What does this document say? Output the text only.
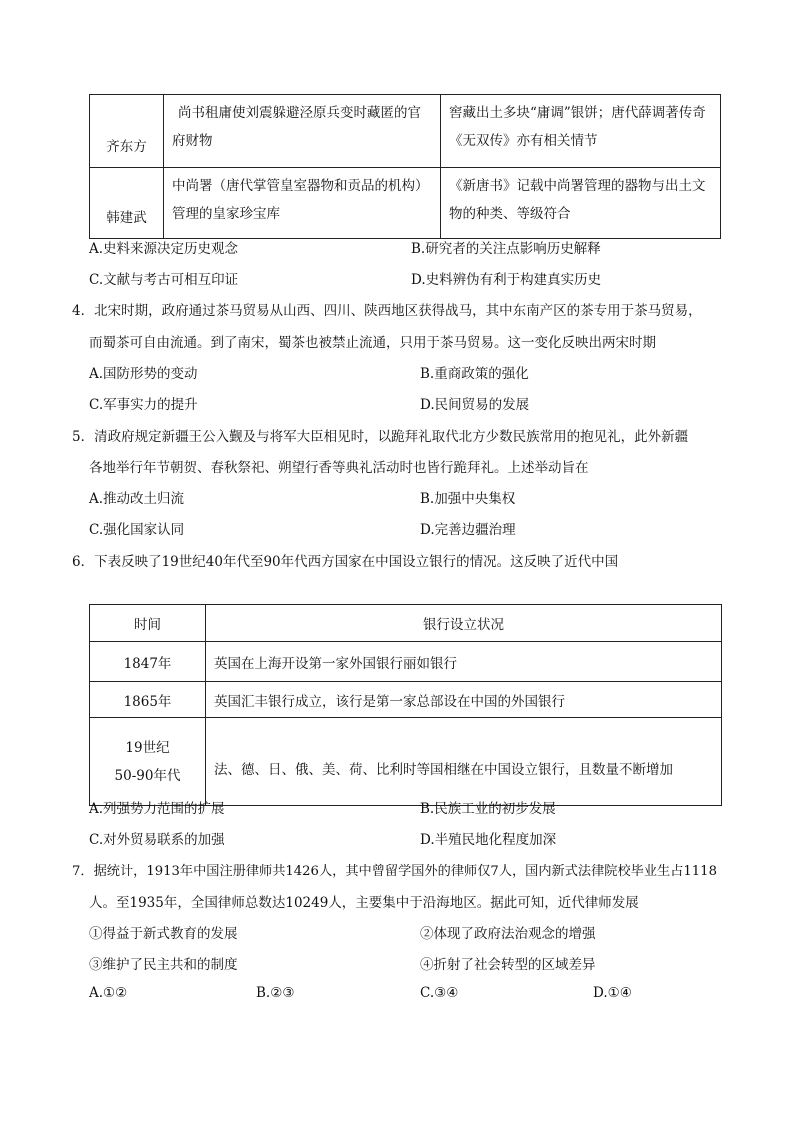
齐东方	尚书租庸使刘震躲避泾原兵变时藏匿的官府财物	窖藏出土多块“庸调”银饼；唐代薛调著传奇《无双传》亦有相关情节
韩建武	中尚署（唐代掌管皇室器物和贡品的机构）管理的皇家珍宝库	《新唐书》记载中尚署管理的器物与出土文物的种类、等级符合
A.史料来源决定历史观念	B.研究者的关注点影响历史解释
C.文献与考古可相互印证	D.史料辨伪有利于构建真实历史
4．北宋时期，政府通过茶马贸易从山西、四川、陕西地区获得战马，其中东南产区的茶专用于茶马贸易，
而蜀茶可自由流通。到了南宋，蜀茶也被禁止流通，只用于茶马贸易。这一变化反映出两宋时期
A.国防形势的变动	B.重商政策的强化
C.军事实力的提升	D.民间贸易的发展
5．清政府规定新疆王公入觐及与将军大臣相见时，以跪拜礼取代北方少数民族常用的抱见礼，此外新疆
各地举行年节朝贺、春秋祭祀、朔望行香等典礼活动时也皆行跪拜礼。上述举动旨在
A.推动改土归流	B.加强中央集权
C.强化国家认同	D.完善边疆治理
6．下表反映了19世纪40年代至90年代西方国家在中国设立银行的情况。这反映了近代中国
时间	银行设立状况
1847年	英国在上海开设第一家外国银行丽如银行
1865年	英国汇丰银行成立，该行是第一家总部设在中国的外国银行

19世纪
50-90年代	法、德、日、俄、美、荷、比利时等国相继在中国设立银行，且数量不断增加
A.列强势力范围的扩展	B.民族工业的初步发展
C.对外贸易联系的加强	D.半殖民地化程度加深
7．据统计，1913年中国注册律师共1426人，其中曾留学国外的律师仅7人，国内新式法律院校毕业生占1118
人。至1935年，全国律师总数达10249人，主要集中于沿海地区。据此可知，近代律师发展
①得益于新式教育的发展	②体现了政府法治观念的增强
③维护了民主共和的制度	④折射了社会转型的区域差异
A.①②	B.②③	C.③④	D.①④
